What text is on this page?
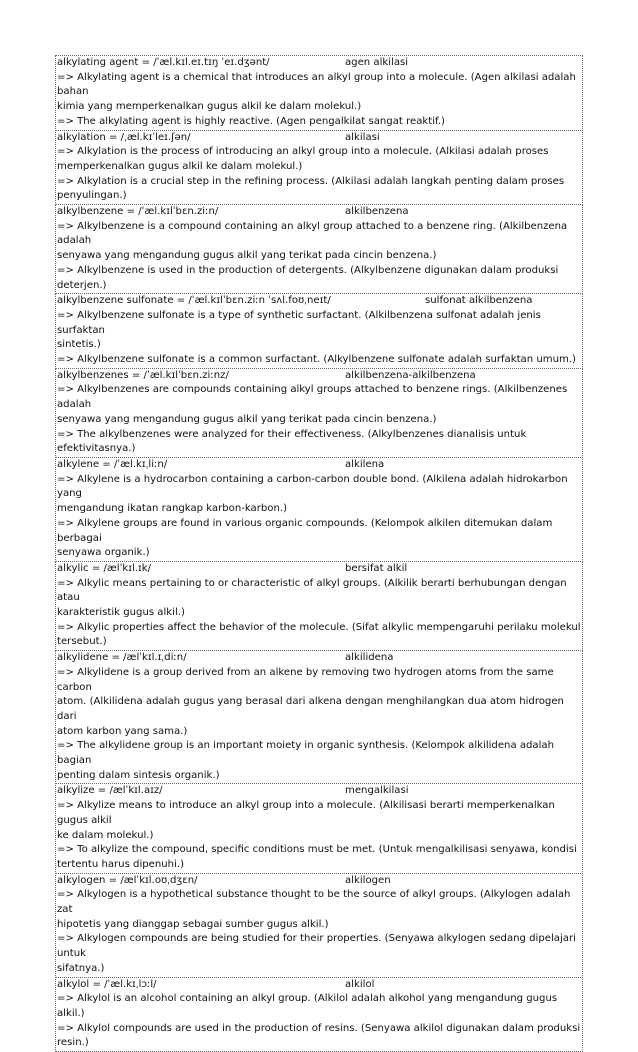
alkylating agent = /ˈæl.kɪl.eɪ.tɪŋ ˈeɪ.dʒənt/	agen alkilasi
=> Alkylating agent is a chemical that introduces an alkyl group into a molecule. (Agen alkilasi adalah bahan
kimia yang memperkenalkan gugus alkil ke dalam molekul.)
=> The alkylating agent is highly reactive. (Agen pengalkilat sangat reaktif.)
alkylation = /ˌæl.kɪˈleɪ.ʃən/	alkilasi
=> Alkylation is the process of introducing an alkyl group into a molecule. (Alkilasi adalah proses
memperkenalkan gugus alkil ke dalam molekul.)
=> Alkylation is a crucial step in the refining process. (Alkilasi adalah langkah penting dalam proses
penyulingan.)
alkylbenzene = /ˈæl.kɪlˈbɛn.ziːn/	alkilbenzena
=> Alkylbenzene is a compound containing an alkyl group attached to a benzene ring. (Alkilbenzena adalah
senyawa yang mengandung gugus alkil yang terikat pada cincin benzena.)
=> Alkylbenzene is used in the production of detergents. (Alkylbenzene digunakan dalam produksi deterjen.)
alkylbenzene sulfonate = /ˈæl.kɪlˈbɛn.ziːn ˈsʌl.foʊˌneɪt/	sulfonat alkilbenzena
=> Alkylbenzene sulfonate is a type of synthetic surfactant. (Alkilbenzena sulfonat adalah jenis surfaktan
sintetis.)
=> Alkylbenzene sulfonate is a common surfactant. (Alkylbenzene sulfonate adalah surfaktan umum.)
alkylbenzenes = /ˈæl.kɪlˈbɛn.ziːnz/	alkilbenzena-alkilbenzena
=> Alkylbenzenes are compounds containing alkyl groups attached to benzene rings. (Alkilbenzenes adalah
senyawa yang mengandung gugus alkil yang terikat pada cincin benzena.)
=> The alkylbenzenes were analyzed for their effectiveness. (Alkylbenzenes dianalisis untuk efektivitasnya.)
alkylene = /ˈæl.kɪˌliːn/	alkilena
=> Alkylene is a hydrocarbon containing a carbon-carbon double bond. (Alkilena adalah hidrokarbon yang
mengandung ikatan rangkap karbon-karbon.)
=> Alkylene groups are found in various organic compounds. (Kelompok alkilen ditemukan dalam berbagai
senyawa organik.)
alkylic = /ælˈkɪl.ɪk/	bersifat alkil
=> Alkylic means pertaining to or characteristic of alkyl groups. (Alkilik berarti berhubungan dengan atau
karakteristik gugus alkil.)
=> Alkylic properties affect the behavior of the molecule. (Sifat alkylic mempengaruhi perilaku molekul
tersebut.)
alkylidene = /ælˈkɪl.ɪˌdiːn/	alkilidena
=> Alkylidene is a group derived from an alkene by removing two hydrogen atoms from the same carbon
atom. (Alkilidena adalah gugus yang berasal dari alkena dengan menghilangkan dua atom hidrogen dari
atom karbon yang sama.)
=> The alkylidene group is an important moiety in organic synthesis. (Kelompok alkilidena adalah bagian
penting dalam sintesis organik.)
alkylize = /ælˈkɪl.aɪz/	mengalkilasi
=> Alkylize means to introduce an alkyl group into a molecule. (Alkilisasi berarti memperkenalkan gugus alkil
ke dalam molekul.)
=> To alkylize the compound, specific conditions must be met. (Untuk mengalkilisasi senyawa, kondisi
tertentu harus dipenuhi.)
alkylogen = /ælˈkɪl.oʊˌdʒɛn/	alkilogen
=> Alkylogen is a hypothetical substance thought to be the source of alkyl groups. (Alkylogen adalah zat
hipotetis yang dianggap sebagai sumber gugus alkil.)
=> Alkylogen compounds are being studied for their properties. (Senyawa alkylogen sedang dipelajari untuk
sifatnya.)
alkylol = /ˈæl.kɪˌlɔːl/	alkilol
=> Alkylol is an alcohol containing an alkyl group. (Alkilol adalah alkohol yang mengandung gugus alkil.)
=> Alkylol compounds are used in the production of resins. (Senyawa alkilol digunakan dalam produksi
resin.)
